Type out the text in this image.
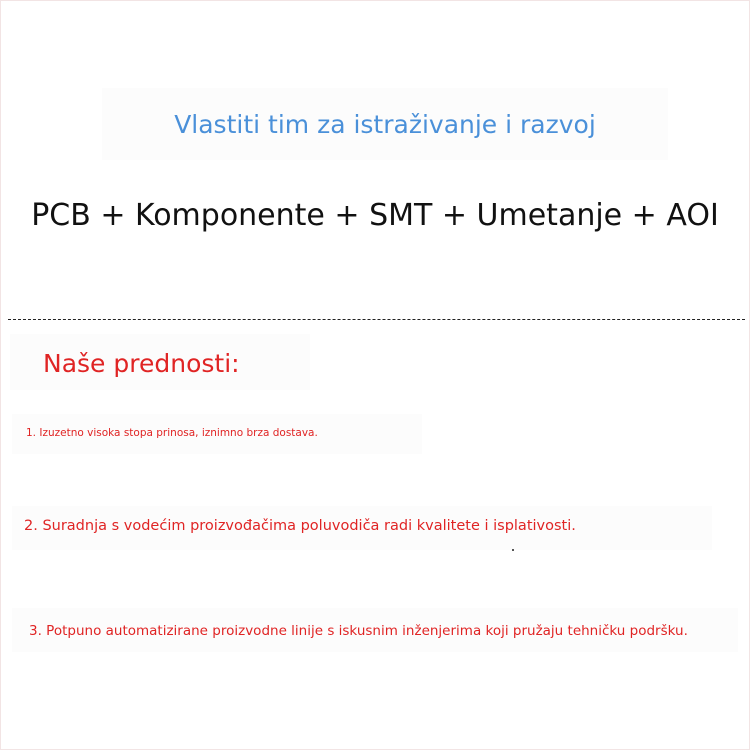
Vlastiti tim za istraživanje i razvoj
PCB + Komponente + SMT + Umetanje + AOI
Naše prednosti:
1. Izuzetno visoka stopa prinosa, iznimno brza dostava.
2. Suradnja s vodećim proizvođačima poluvodiča radi kvalitete i isplativosti.
3. Potpuno automatizirane proizvodne linije s iskusnim inženjerima koji pružaju tehničku podršku.
